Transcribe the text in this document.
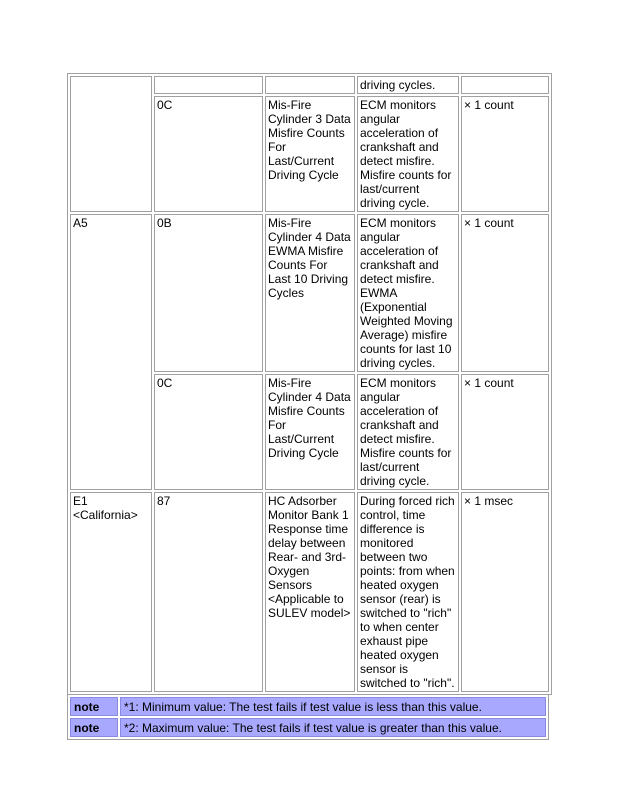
			driving cycles.	
	0C	Mis-Fire Cylinder 3 Data Misfire Counts For Last/Current Driving Cycle	ECM monitors angular acceleration of crankshaft and detect misfire. Misfire counts for last/current driving cycle.	× 1 count
A5	0B	Mis-Fire Cylinder 4 Data EWMA Misfire Counts For Last 10 Driving Cycles	ECM monitors angular acceleration of crankshaft and detect misfire. EWMA (Exponential Weighted Moving Average) misfire counts for last 10 driving cycles.	× 1 count
	0C	Mis-Fire Cylinder 4 Data Misfire Counts For Last/Current Driving Cycle	ECM monitors angular acceleration of crankshaft and detect misfire. Misfire counts for last/current driving cycle.	× 1 count
E1 <California>	87	HC Adsorber Monitor Bank 1 Response time delay between Rear- and 3rd-Oxygen Sensors <Applicable to SULEV model>	During forced rich control, time difference is monitored between two points: from when heated oxygen sensor (rear) is switched to "rich" to when center exhaust pipe heated oxygen sensor is switched to "rich".	× 1 msec
note	*1: Minimum value: The test fails if test value is less than this value.
note	*2: Maximum value: The test fails if test value is greater than this value.
